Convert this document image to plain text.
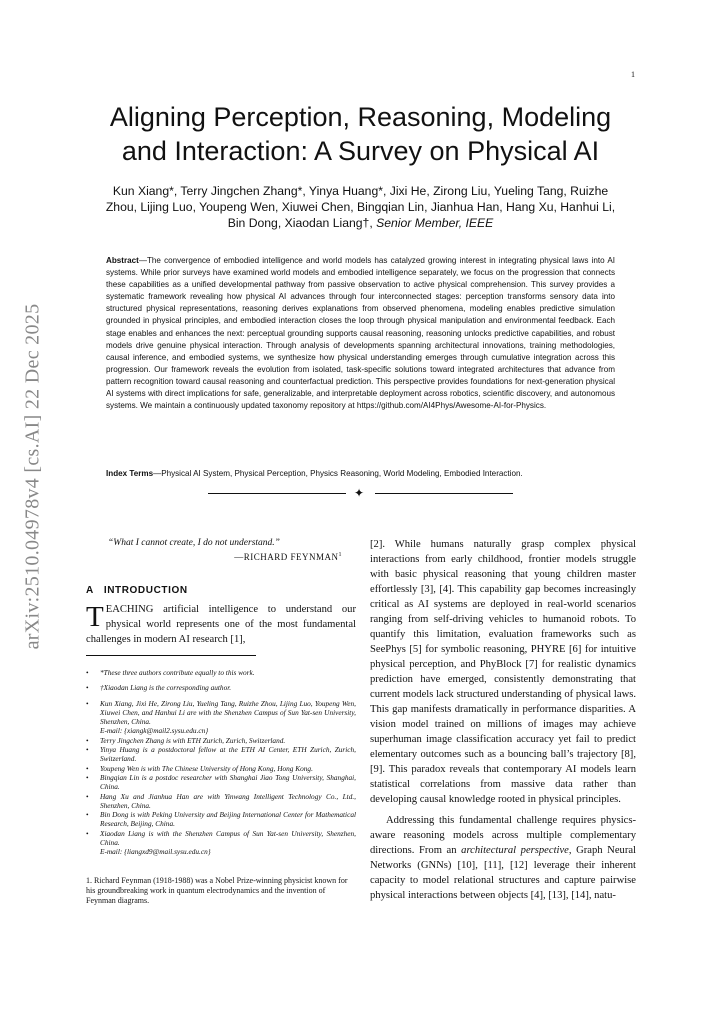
1
arXiv:2510.04978v4 [cs.AI] 22 Dec 2025
Aligning Perception, Reasoning, Modeling
and Interaction: A Survey on Physical AI
Kun Xiang*, Terry Jingchen Zhang*, Yinya Huang*, Jixi He, Zirong Liu, Yueling Tang, Ruizhe Zhou, Lijing Luo, Youpeng Wen, Xiuwei Chen, Bingqian Lin, Jianhua Han, Hang Xu, Hanhui Li, Bin Dong, Xiaodan Liang†, Senior Member, IEEE
Abstract—The convergence of embodied intelligence and world models has catalyzed growing interest in integrating physical laws into AI systems. While prior surveys have examined world models and embodied intelligence separately, we focus on the progression that connects these capabilities as a unified developmental pathway from passive observation to active physical comprehension. This survey provides a systematic framework revealing how physical AI advances through four interconnected stages: perception transforms sensory data into structured physical representations, reasoning derives explanations from observed phenomena, modeling enables predictive simulation grounded in physical principles, and embodied interaction closes the loop through physical manipulation and environmental feedback. Each stage enables and enhances the next: perceptual grounding supports causal reasoning, reasoning unlocks predictive capabilities, and robust models drive genuine physical interaction. Through analysis of developments spanning architectural innovations, training methodologies, causal inference, and embodied systems, we synthesize how physical understanding emerges through cumulative integration across this progression. Our framework reveals the evolution from isolated, task-specific solutions toward integrated architectures that advance from pattern recognition toward causal reasoning and counterfactual prediction. This perspective provides foundations for next-generation physical AI systems with direct implications for safe, generalizable, and interpretable deployment across robotics, scientific discovery, and autonomous systems. We maintain a continuously updated taxonomy repository at https://github.com/AI4Phys/Awesome-AI-for-Physics.
Index Terms—Physical AI System, Physical Perception, Physics Reasoning, World Modeling, Embodied Interaction.
✦
“What I cannot create, I do not understand.”
—RICHARD FEYNMAN$^1$
A INTRODUCTION
TEACHING artificial intelligence to understand our physical world represents one of the most fundamental challenges in modern AI research [1],
• *These three authors contribute equally to this work.
• †Xiaodan Liang is the corresponding author.
• Kun Xiang, Jixi He, Zirong Liu, Yueling Tang, Ruizhe Zhou, Lijing Luo, Youpeng Wen, Xiuwei Chen, and Hanhui Li are with the Shenzhen Campus of Sun Yat-sen University, Shenzhen, China.
E-mail: {xiangk@mail2.sysu.edu.cn}
• Terry Jingchen Zhang is with ETH Zurich, Zurich, Switzerland.
• Yinya Huang is a postdoctoral fellow at the ETH AI Center, ETH Zurich, Zurich, Switzerland.
• Youpeng Wen is with The Chinese University of Hong Kong, Hong Kong.
• Bingqian Lin is a postdoc researcher with Shanghai Jiao Tong University, Shanghai, China.
• Hang Xu and Jianhua Han are with Yinwang Intelligent Technology Co., Ltd., Shenzhen, China.
• Bin Dong is with Peking University and Beijing International Center for Mathematical Research, Beijing, China.
• Xiaodan Liang is with the Shenzhen Campus of Sun Yat-sen University, Shenzhen, China.
E-mail: {liangxd9@mail.sysu.edu.cn}
1. Richard Feynman (1918-1988) was a Nobel Prize-winning physicist known for his groundbreaking work in quantum electrodynamics and the invention of Feynman diagrams.

[2]. While humans naturally grasp complex physical interactions from early childhood, frontier models struggle with basic physical reasoning that young children master effortlessly [3], [4]. This capability gap becomes increasingly critical as AI systems are deployed in real-world scenarios ranging from self-driving vehicles to humanoid robots. To quantify this limitation, evaluation frameworks such as SeePhys [5] for symbolic reasoning, PHYRE [6] for intuitive physical perception, and PhyBlock [7] for realistic dynamics prediction have emerged, consistently demonstrating that current models lack structured understanding of physical laws. This gap manifests dramatically in performance disparities. A vision model trained on millions of images may achieve superhuman image classification accuracy yet fail to predict elementary outcomes such as a bouncing ball’s trajectory [8], [9]. This paradox reveals that contemporary AI models learn statistical correlations from massive data rather than developing causal knowledge rooted in physical principles.

Addressing this fundamental challenge requires physics-aware reasoning models across multiple complementary directions. From an architectural perspective, Graph Neural Networks (GNNs) [10], [11], [12] leverage their inherent capacity to model relational structures and capture pairwise physical interactions between objects [4], [13], [14], natu-
